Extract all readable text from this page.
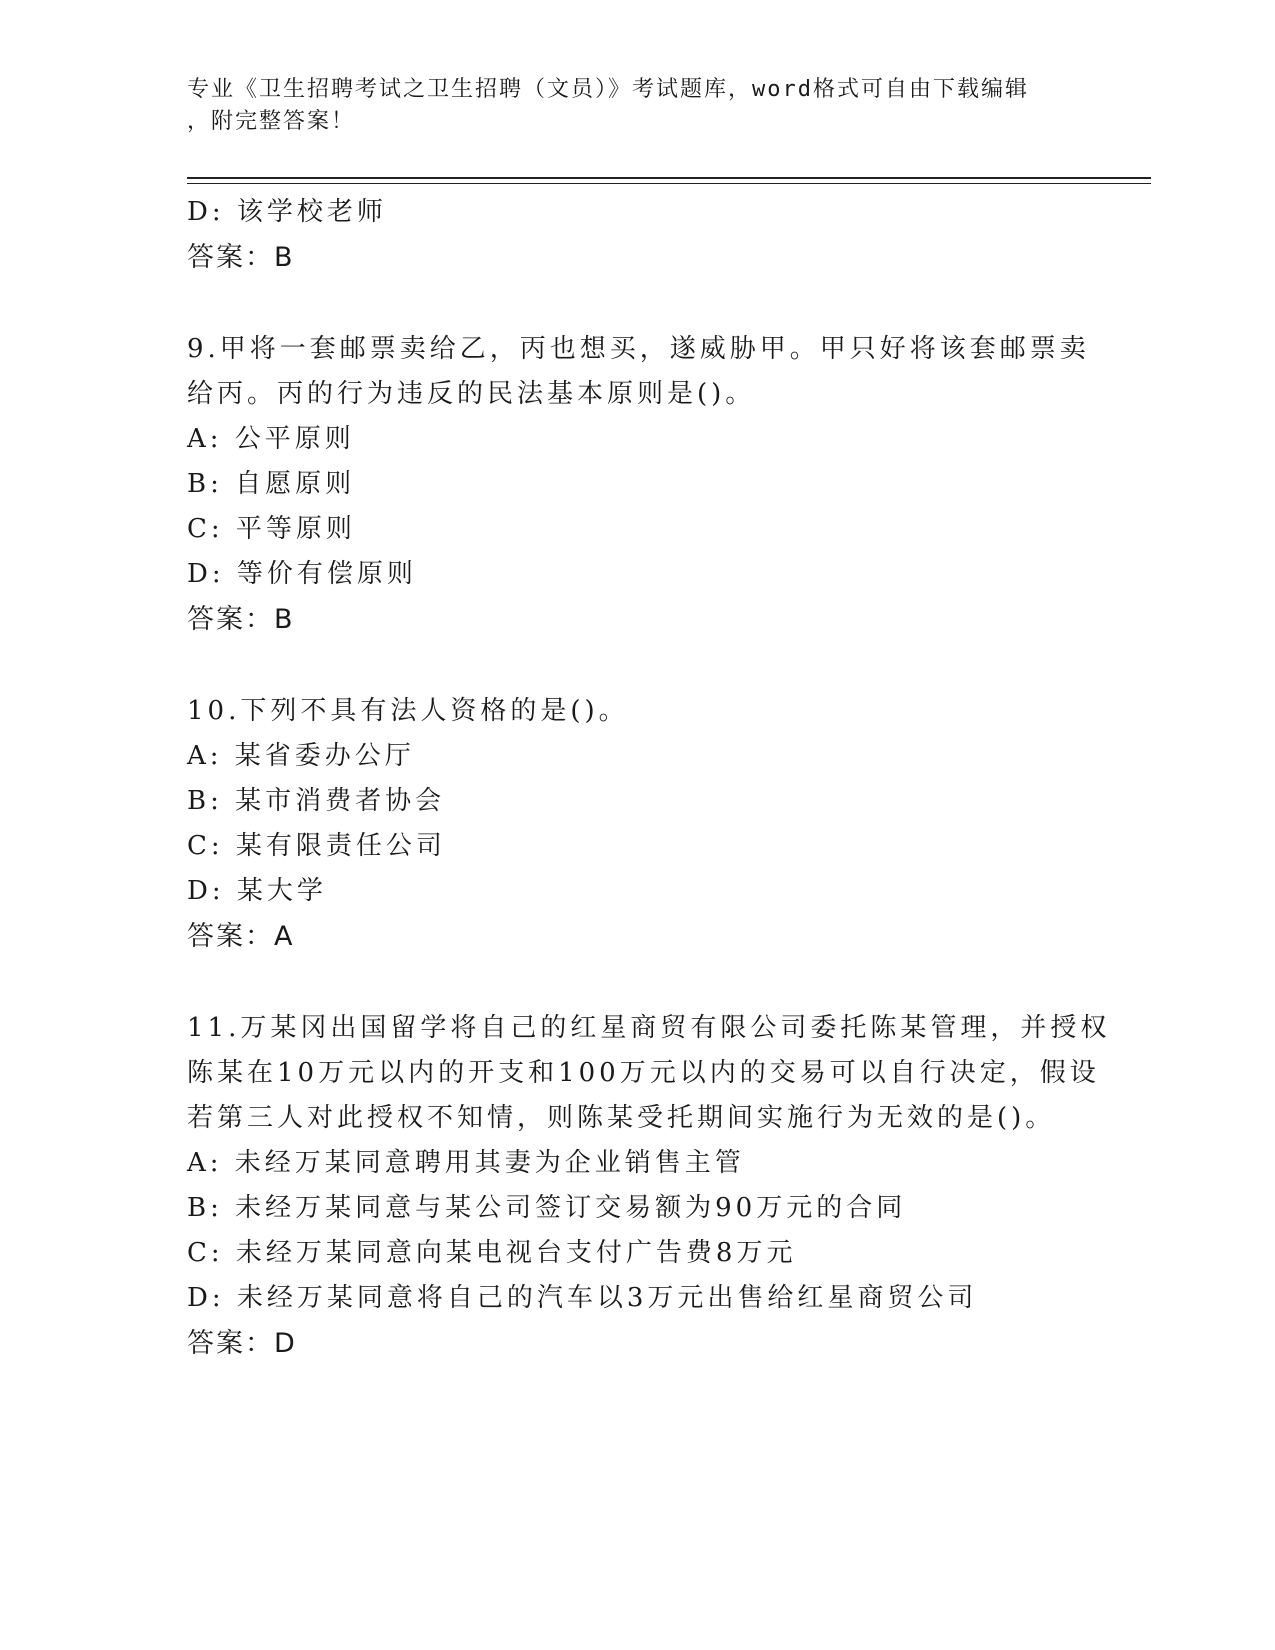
专业《卫生招聘考试之卫生招聘（文员）》考试题库，word格式可自由下载编辑
，附完整答案！
D: 该学校老师
答案：B
9.甲将一套邮票卖给乙，丙也想买，遂威胁甲。甲只好将该套邮票卖
给丙。丙的行为违反的民法基本原则是()。
A: 公平原则
B: 自愿原则
C: 平等原则
D: 等价有偿原则
答案：B
10.下列不具有法人资格的是()。
A: 某省委办公厅
B: 某市消费者协会
C: 某有限责任公司
D: 某大学
答案：A
11.万某冈出国留学将自己的红星商贸有限公司委托陈某管理，并授权
陈某在10万元以内的开支和100万元以内的交易可以自行决定，假设
若第三人对此授权不知情，则陈某受托期间实施行为无效的是()。
A: 未经万某同意聘用其妻为企业销售主管
B: 未经万某同意与某公司签订交易额为90万元的合同
C: 未经万某同意向某电视台支付广告费8万元
D: 未经万某同意将自己的汽车以3万元出售给红星商贸公司
答案：D
